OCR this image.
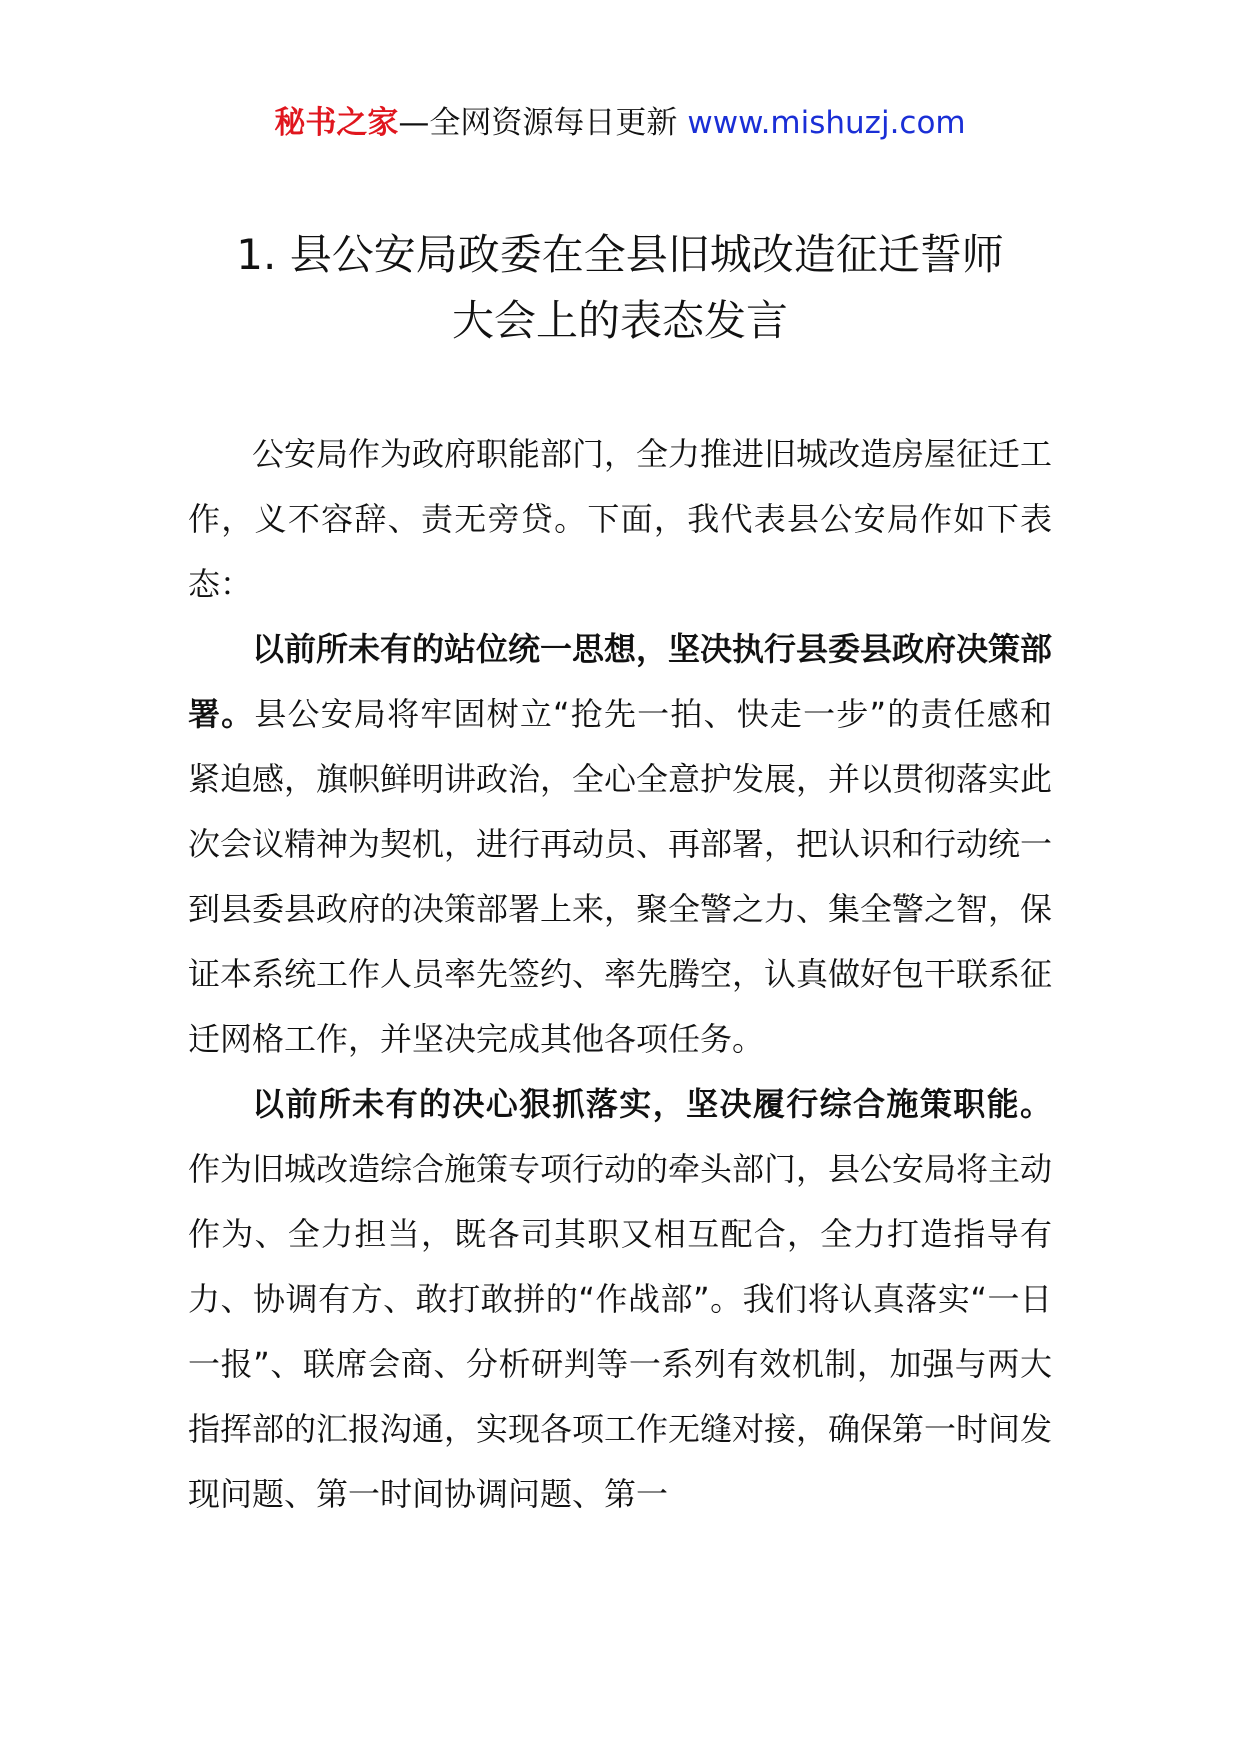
秘书之家—全网资源每日更新 www.mishuzj.com
1. 县公安局政委在全县旧城改造征迁誓师
大会上的表态发言

公安局作为政府职能部门，全力推进旧城改造房屋征迁工作，义不容辞、责无旁贷。下面，我代表县公安局作如下表态：

以前所未有的站位统一思想，坚决执行县委县政府决策部署。县公安局将牢固树立“抢先一拍、快走一步”的责任感和紧迫感，旗帜鲜明讲政治，全心全意护发展，并以贯彻落实此次会议精神为契机，进行再动员、再部署，把认识和行动统一到县委县政府的决策部署上来，聚全警之力、集全警之智，保证本系统工作人员率先签约、率先腾空，认真做好包干联系征迁网格工作，并坚决完成其他各项任务。

以前所未有的决心狠抓落实，坚决履行综合施策职能。作为旧城改造综合施策专项行动的牵头部门，县公安局将主动作为、全力担当，既各司其职又相互配合，全力打造指导有力、协调有方、敢打敢拼的“作战部”。我们将认真落实“一日一报”、联席会商、分析研判等一系列有效机制，加强与两大指挥部的汇报沟通，实现各项工作无缝对接，确保第一时间发现问题、第一时间协调问题、第一
